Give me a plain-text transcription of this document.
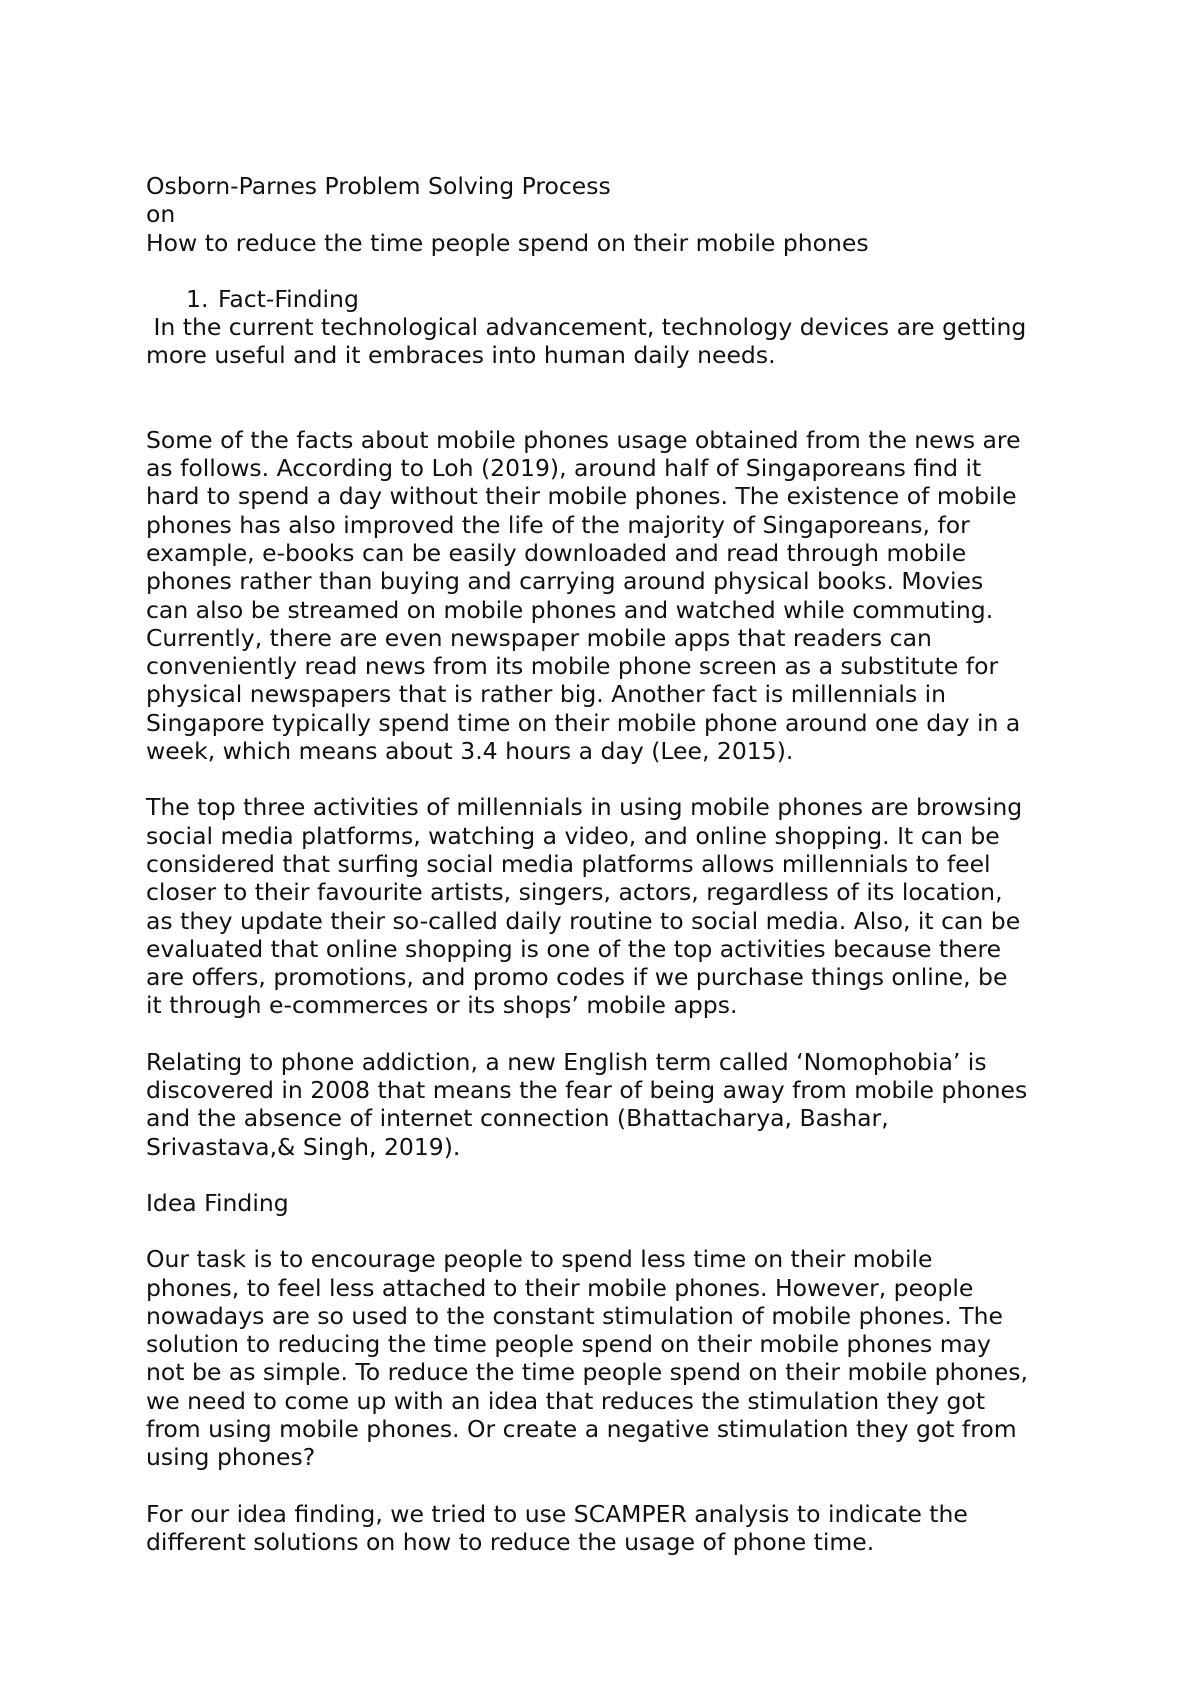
Osborn-Parnes Problem Solving Process
on
How to reduce the time people spend on their mobile phones
1. Fact-Finding
In the current technological advancement, technology devices are getting
more useful and it embraces into human daily needs.

Some of the facts about mobile phones usage obtained from the news are
as follows. According to Loh (2019), around half of Singaporeans find it
hard to spend a day without their mobile phones. The existence of mobile
phones has also improved the life of the majority of Singaporeans, for
example, e-books can be easily downloaded and read through mobile
phones rather than buying and carrying around physical books. Movies
can also be streamed on mobile phones and watched while commuting.
Currently, there are even newspaper mobile apps that readers can
conveniently read news from its mobile phone screen as a substitute for
physical newspapers that is rather big. Another fact is millennials in
Singapore typically spend time on their mobile phone around one day in a
week, which means about 3.4 hours a day (Lee, 2015).

The top three activities of millennials in using mobile phones are browsing
social media platforms, watching a video, and online shopping. It can be
considered that surfing social media platforms allows millennials to feel
closer to their favourite artists, singers, actors, regardless of its location,
as they update their so-called daily routine to social media. Also, it can be
evaluated that online shopping is one of the top activities because there
are offers, promotions, and promo codes if we purchase things online, be
it through e-commerces or its shops’ mobile apps.

Relating to phone addiction, a new English term called ‘Nomophobia’ is
discovered in 2008 that means the fear of being away from mobile phones
and the absence of internet connection (Bhattacharya, Bashar,
Srivastava,& Singh, 2019).

Idea Finding

Our task is to encourage people to spend less time on their mobile
phones, to feel less attached to their mobile phones. However, people
nowadays are so used to the constant stimulation of mobile phones. The
solution to reducing the time people spend on their mobile phones may
not be as simple. To reduce the time people spend on their mobile phones,
we need to come up with an idea that reduces the stimulation they got
from using mobile phones. Or create a negative stimulation they got from
using phones?

For our idea finding, we tried to use SCAMPER analysis to indicate the
different solutions on how to reduce the usage of phone time.
